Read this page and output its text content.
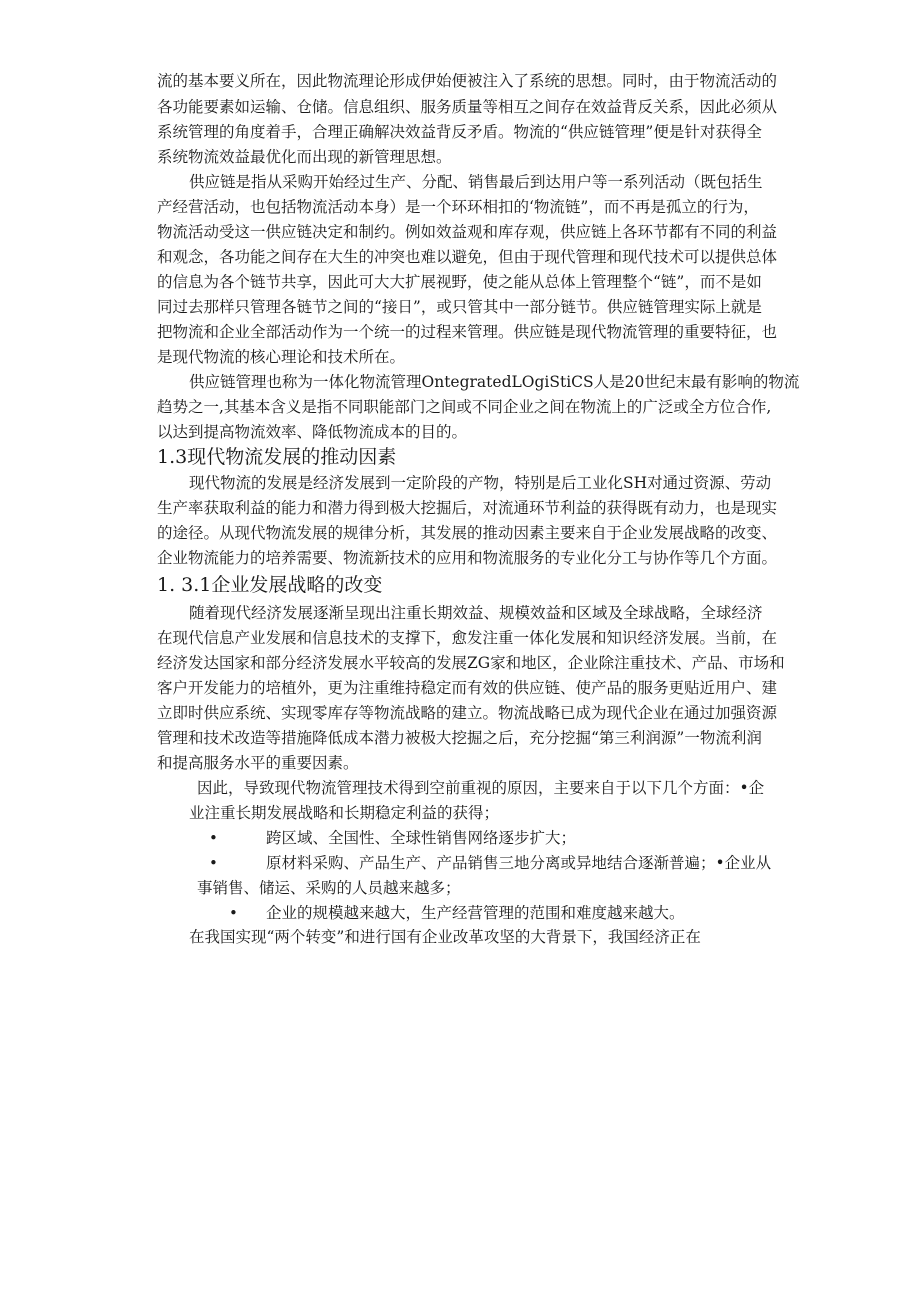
流的基本要义所在，因此物流理论形成伊始便被注入了系统的思想。同时，由于物流活动的
各功能要素如运输、仓储。信息组织、服务质量等相互之间存在效益背反关系，因此必须从
系统管理的角度着手，合理正确解决效益背反矛盾。物流的“供应链管理”便是针对获得全
系统物流效益最优化而出现的新管理思想。
供应链是指从采购开始经过生产、分配、销售最后到达用户等一系列活动（既包括生
产经营活动，也包括物流活动本身）是一个环环相扣的‘物流链”，而不再是孤立的行为，
物流活动受这一供应链决定和制约。例如效益观和库存观，供应链上各环节都有不同的利益
和观念，各功能之间存在大生的冲突也难以避免，但由于现代管理和现代技术可以提供总体
的信息为各个链节共享，因此可大大扩展视野，使之能从总体上管理整个“链”，而不是如
同过去那样只管理各链节之间的“接日”，或只管其中一部分链节。供应链管理实际上就是
把物流和企业全部活动作为一个统一的过程来管理。供应链是现代物流管理的重要特征，也
是现代物流的核心理论和技术所在。
供应链管理也称为一体化物流管理OntegratedLOgiStiCS人是20世纪末最有影响的物流
趋势之一,其基本含义是指不同职能部门之间或不同企业之间在物流上的广泛或全方位合作,
以达到提高物流效率、降低物流成本的目的。
1.3现代物流发展的推动因素
现代物流的发展是经济发展到一定阶段的产物，特别是后工业化SH对通过资源、劳动
生产率获取利益的能力和潜力得到极大挖掘后，对流通环节利益的获得既有动力，也是现实
的途径。从现代物流发展的规律分析，其发展的推动因素主要来自于企业发展战略的改变、
企业物流能力的培养需要、物流新技术的应用和物流服务的专业化分工与协作等几个方面。
1. 3.1企业发展战略的改变
随着现代经济发展逐渐呈现出注重长期效益、规模效益和区域及全球战略，全球经济
在现代信息产业发展和信息技术的支撑下，愈发注重一体化发展和知识经济发展。当前，在
经济发达国家和部分经济发展水平较高的发展ZG家和地区，企业除注重技术、产品、市场和
客户开发能力的培植外，更为注重维持稳定而有效的供应链、使产品的服务更贴近用户、建
立即时供应系统、实现零库存等物流战略的建立。物流战略已成为现代企业在通过加强资源
管理和技术改造等措施降低成本潜力被极大挖掘之后，充分挖掘“第三利润源”一物流利润
和提高服务水平的重要因素。
因此，导致现代物流管理技术得到空前重视的原因，主要来自于以下几个方面：•企
业注重长期发展战略和长期稳定利益的获得；
•	跨区域、全国性、全球性销售网络逐步扩大；
•	原材料采购、产品生产、产品销售三地分离或异地结合逐渐普遍；•企业从
事销售、储运、采购的人员越来越多；
• 企业的规模越来越大，生产经营管理的范围和难度越来越大。
在我国实现“两个转变”和进行国有企业改革攻坚的大背景下，我国经济正在
